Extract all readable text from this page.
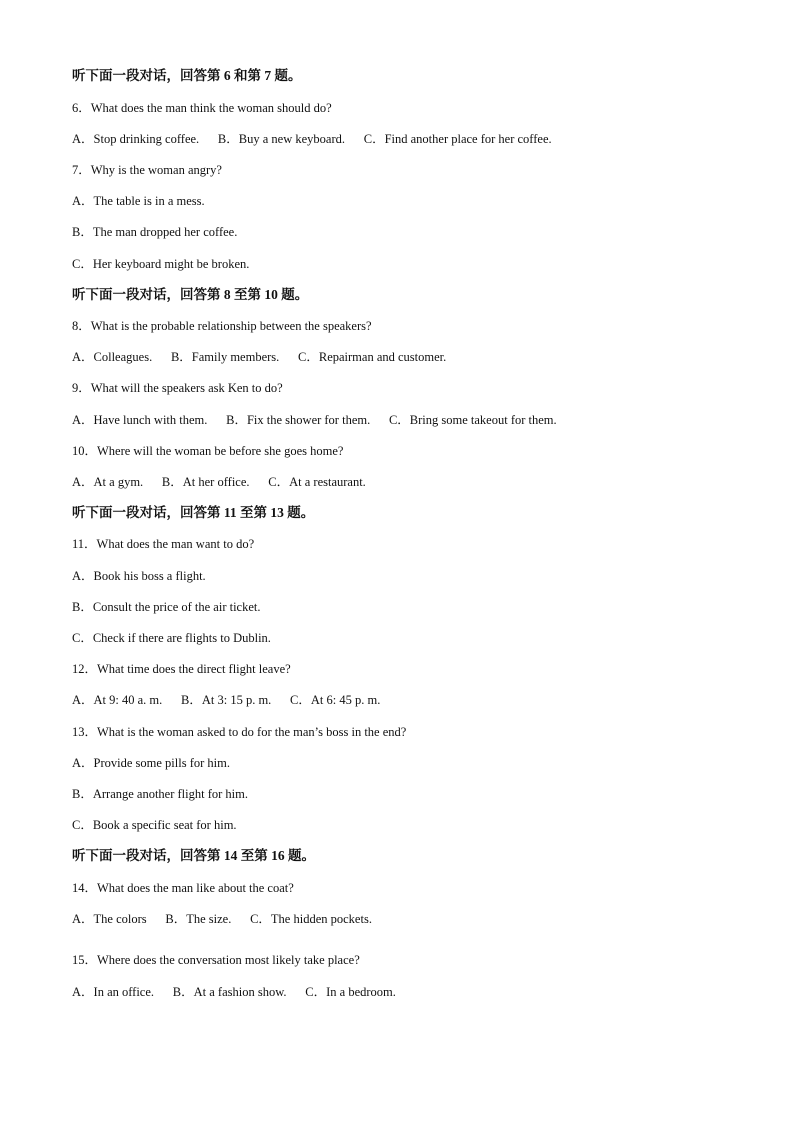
听下面一段对话，回答第 6 和第 7 题。
6．What does the man think the woman should do?
A．Stop drinking coffee.      B．Buy a new keyboard.      C．Find another place for her coffee.
7．Why is the woman angry?
A．The table is in a mess.
B．The man dropped her coffee.
C．Her keyboard might be broken.
听下面一段对话，回答第 8 至第 10 题。
8．What is the probable relationship between the speakers?
A．Colleagues.      B．Family members.      C．Repairman and customer.
9．What will the speakers ask Ken to do?
A．Have lunch with them.      B．Fix the shower for them.      C．Bring some takeout for them.
10．Where will the woman be before she goes home?
A．At a gym.      B．At her office.      C．At a restaurant.
听下面一段对话，回答第 11 至第 13 题。
11．What does the man want to do?
A．Book his boss a flight.
B．Consult the price of the air ticket.
C．Check if there are flights to Dublin.
12．What time does the direct flight leave?
A．At 9: 40 a. m.      B．At 3: 15 p. m.      C．At 6: 45 p. m.
13．What is the woman asked to do for the man’s boss in the end?
A．Provide some pills for him.
B．Arrange another flight for him.
C．Book a specific seat for him.
听下面一段对话，回答第 14 至第 16 题。
14．What does the man like about the coat?
A．The colors      B．The size.      C．The hidden pockets.
15．Where does the conversation most likely take place?
A．In an office.      B．At a fashion show.      C．In a bedroom.
